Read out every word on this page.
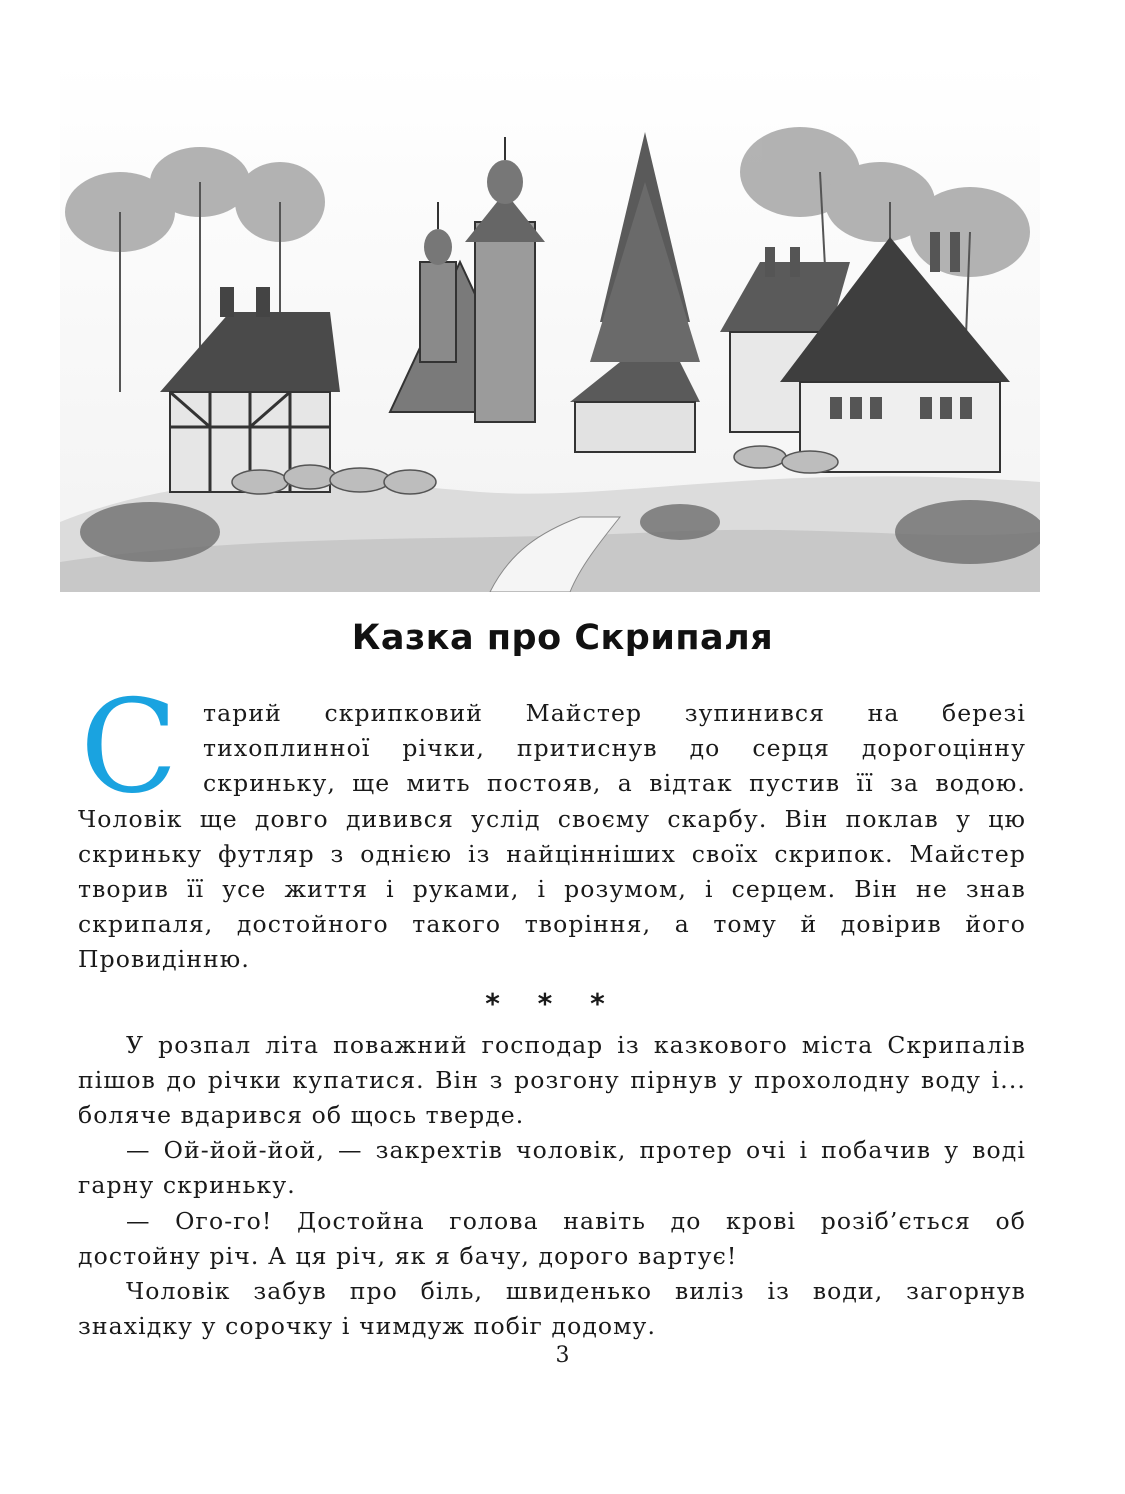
Казка про Скрипаля

С тарий скрипковий Майстер зупинився на березі тихоплинної річки, притиснув до серця дорогоцінну скриньку, ще мить постояв, а відтак пустив її за водою. Чоловік ще довго дивився услід своєму скарбу. Він поклав у цю скриньку футляр з однією із найцінніших своїх скрипок. Майстер творив її усе життя і руками, і розумом, і серцем. Він не знав скрипаля, достойного такого творіння, а тому й довірив його Провидінню.

* * *

У розпал літа поважний господар із казкового міста Скрипалів пішов до річки купатися. Він з розгону пірнув у прохолодну воду і... боляче вдарився об щось тверде.

— Ой-йой-йой, — закрехтів чоловік, протер очі і побачив у воді гарну скриньку.

— Ого-го! Достойна голова навіть до крові розіб’ється об достойну річ. А ця річ, як я бачу, дорого вартує!

Чоловік забув про біль, швиденько виліз із води, загорнув знахідку у сорочку і чимдуж побіг додому.

3
